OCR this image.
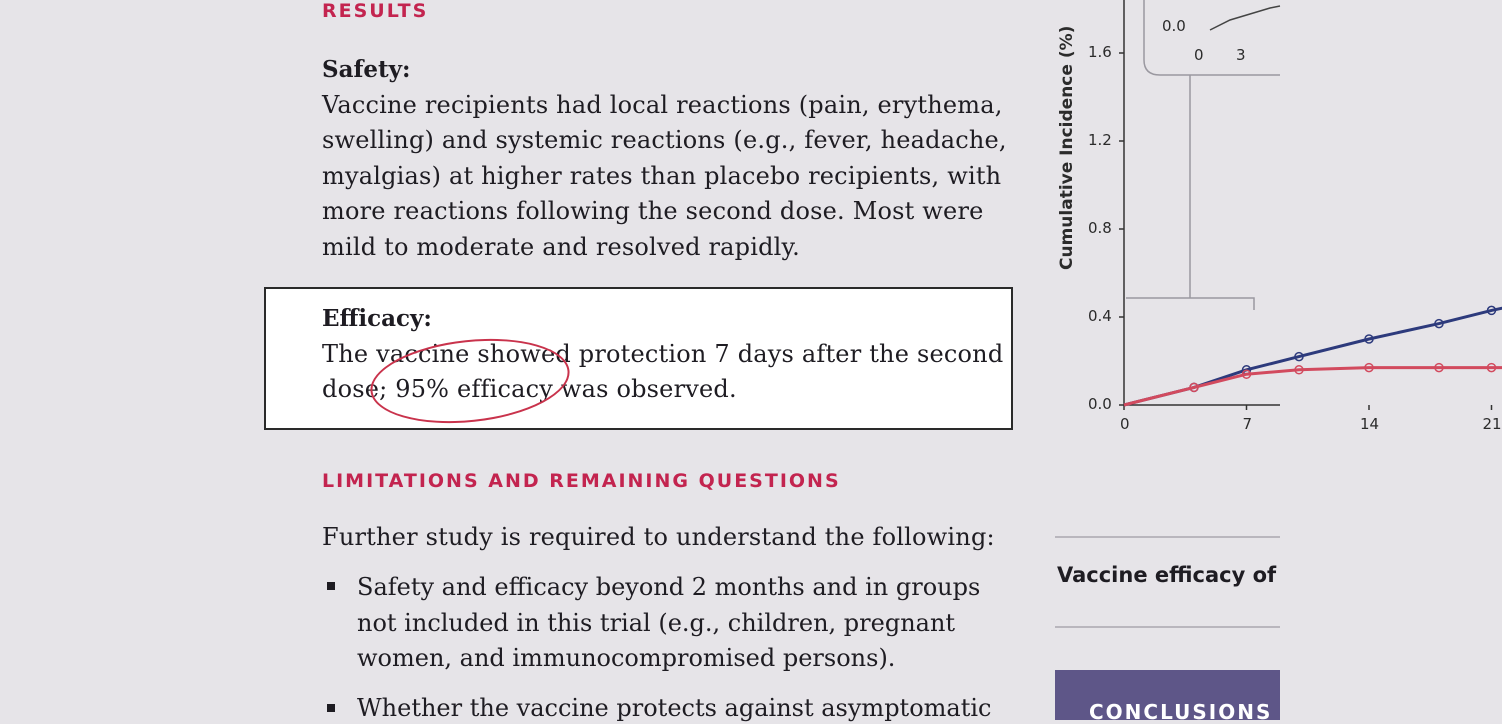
RESULTS
Safety:
Vaccine recipients had local reactions (pain, erythema,
swelling) and systemic reactions (e.g., fever, headache,
myalgias) at higher rates than placebo recipients, with
more reactions following the second dose. Most were
mild to moderate and resolved rapidly.
Efficacy:
The vaccine showed protection 7 days after the second
dose; 95% efficacy was observed.
LIMITATIONS AND REMAINING QUESTIONS
Further study is required to understand the following:
Safety and efficacy beyond 2 months and in groups
not included in this trial (e.g., children, pregnant
women, and immunocompromised persons).
Whether the vaccine protects against asymptomatic
Cumulative Incidence (%)
0.0
0.4
0.8
1.2
1.6
0	7	14	21
0.0
0 3
Vaccine efficacy of
CONCLUSIONS
